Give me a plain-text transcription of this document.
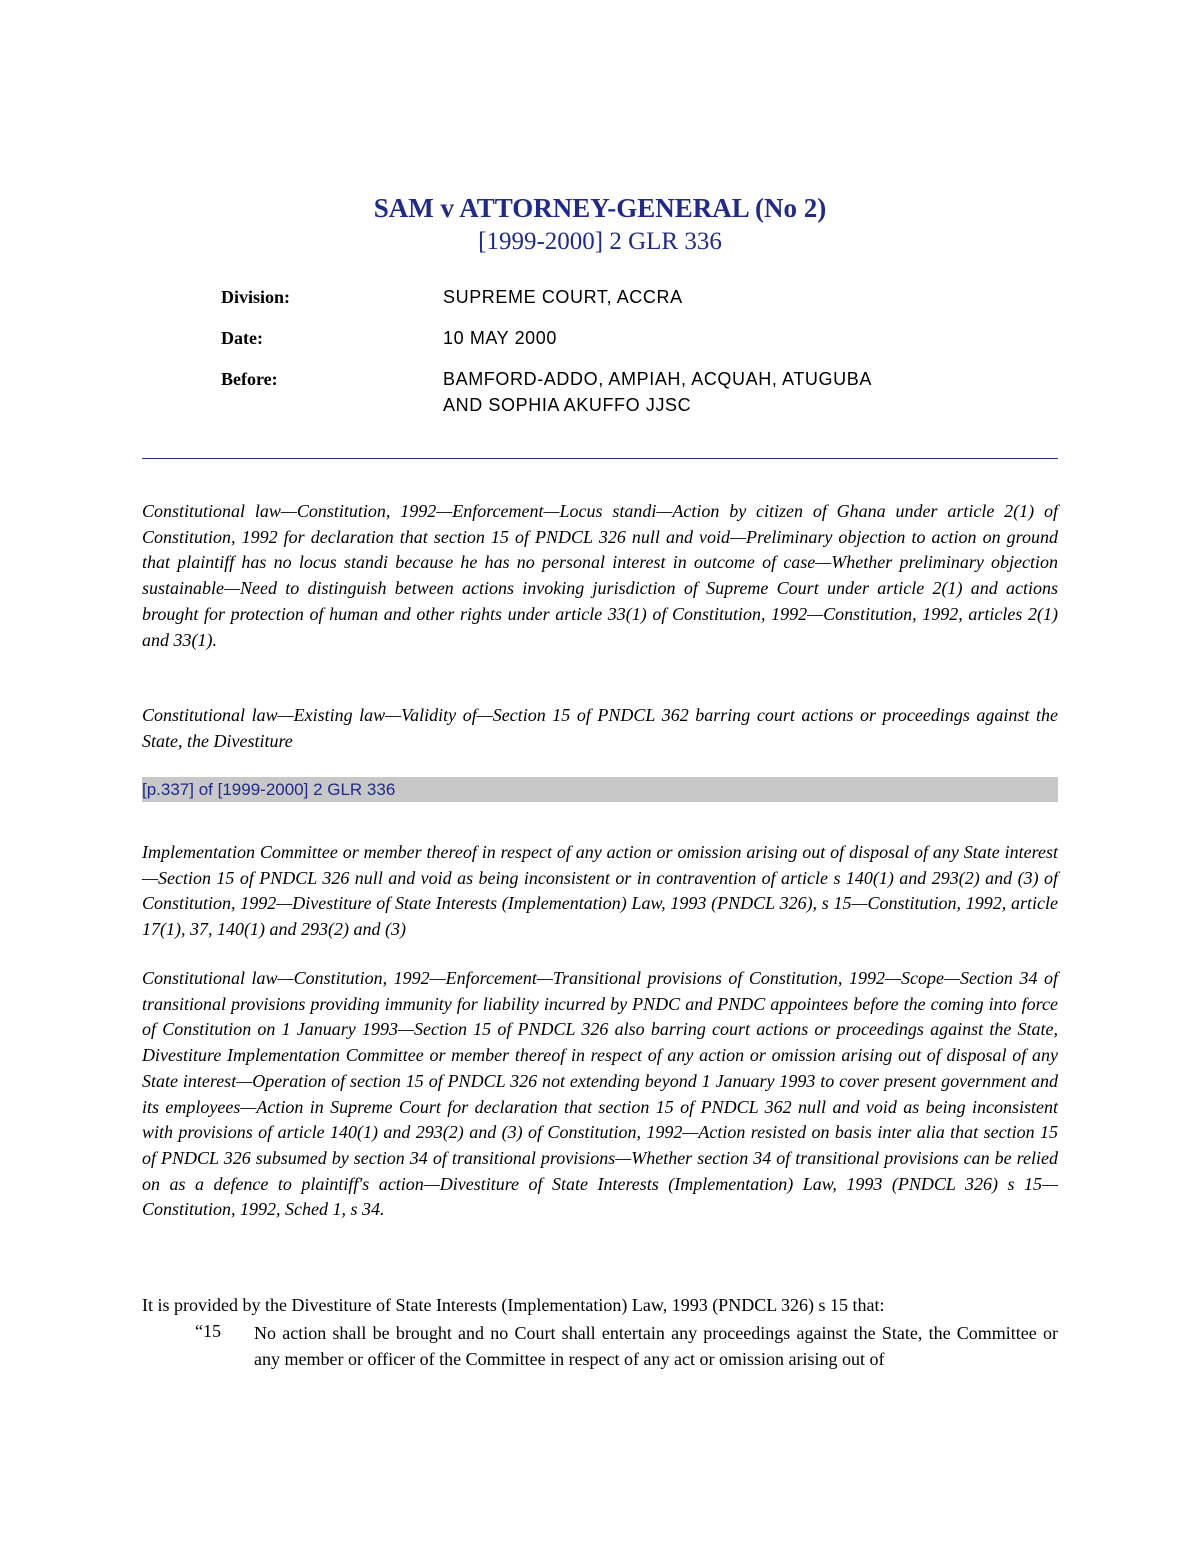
SAM v ATTORNEY-GENERAL (No 2)
[1999-2000] 2 GLR 336
Division:	SUPREME COURT, ACCRA
Date:	10 MAY 2000
Before:	BAMFORD-ADDO, AMPIAH, ACQUAH, ATUGUBA
AND SOPHIA AKUFFO JJSC
Constitutional law—Constitution, 1992—Enforcement—Locus standi—Action by citizen of Ghana under article 2(1) of Constitution, 1992 for declaration that section 15 of PNDCL 326 null and void—Preliminary objection to action on ground that plaintiff has no locus standi because he has no personal interest in outcome of case—Whether preliminary objection sustainable—Need to distinguish between actions invoking jurisdiction of Supreme Court under article 2(1) and actions brought for protection of human and other rights under article 33(1) of Constitution, 1992—Constitution, 1992, articles 2(1) and 33(1).
Constitutional law—Existing law—Validity of—Section 15 of PNDCL 362 barring court actions or proceedings against the State, the Divestiture
[p.337] of [1999-2000] 2 GLR 336
Implementation Committee or member thereof in respect of any action or omission arising out of disposal of any State interest—Section 15 of PNDCL 326 null and void as being inconsistent or in contravention of article s 140(1) and 293(2) and (3) of Constitution, 1992—Divestiture of State Interests (Implementation) Law, 1993 (PNDCL 326), s 15—Constitution, 1992, article 17(1), 37, 140(1) and 293(2) and (3)
Constitutional law—Constitution, 1992—Enforcement—Transitional provisions of Constitution, 1992—Scope—Section 34 of transitional provisions providing immunity for liability incurred by PNDC and PNDC appointees before the coming into force of Constitution on 1 January 1993—Section 15 of PNDCL 326 also barring court actions or proceedings against the State, Divestiture Implementation Committee or member thereof in respect of any action or omission arising out of disposal of any State interest—Operation of section 15 of PNDCL 326 not extending beyond 1 January 1993 to cover present government and its employees—Action in Supreme Court for declaration that section 15 of PNDCL 362 null and void as being inconsistent with provisions of article 140(1) and 293(2) and (3) of Constitution, 1992—Action resisted on basis inter alia that section 15 of PNDCL 326 subsumed by section 34 of transitional provisions—Whether section 34 of transitional provisions can be relied on as a defence to plaintiff's action—Divestiture of State Interests (Implementation) Law, 1993 (PNDCL 326) s 15—Constitution, 1992, Sched 1, s 34.
It is provided by the Divestiture of State Interests (Implementation) Law, 1993 (PNDCL 326) s 15 that:
“15 No action shall be brought and no Court shall entertain any proceedings against the State, the Committee or any member or officer of the Committee in respect of any act or omission arising out of
